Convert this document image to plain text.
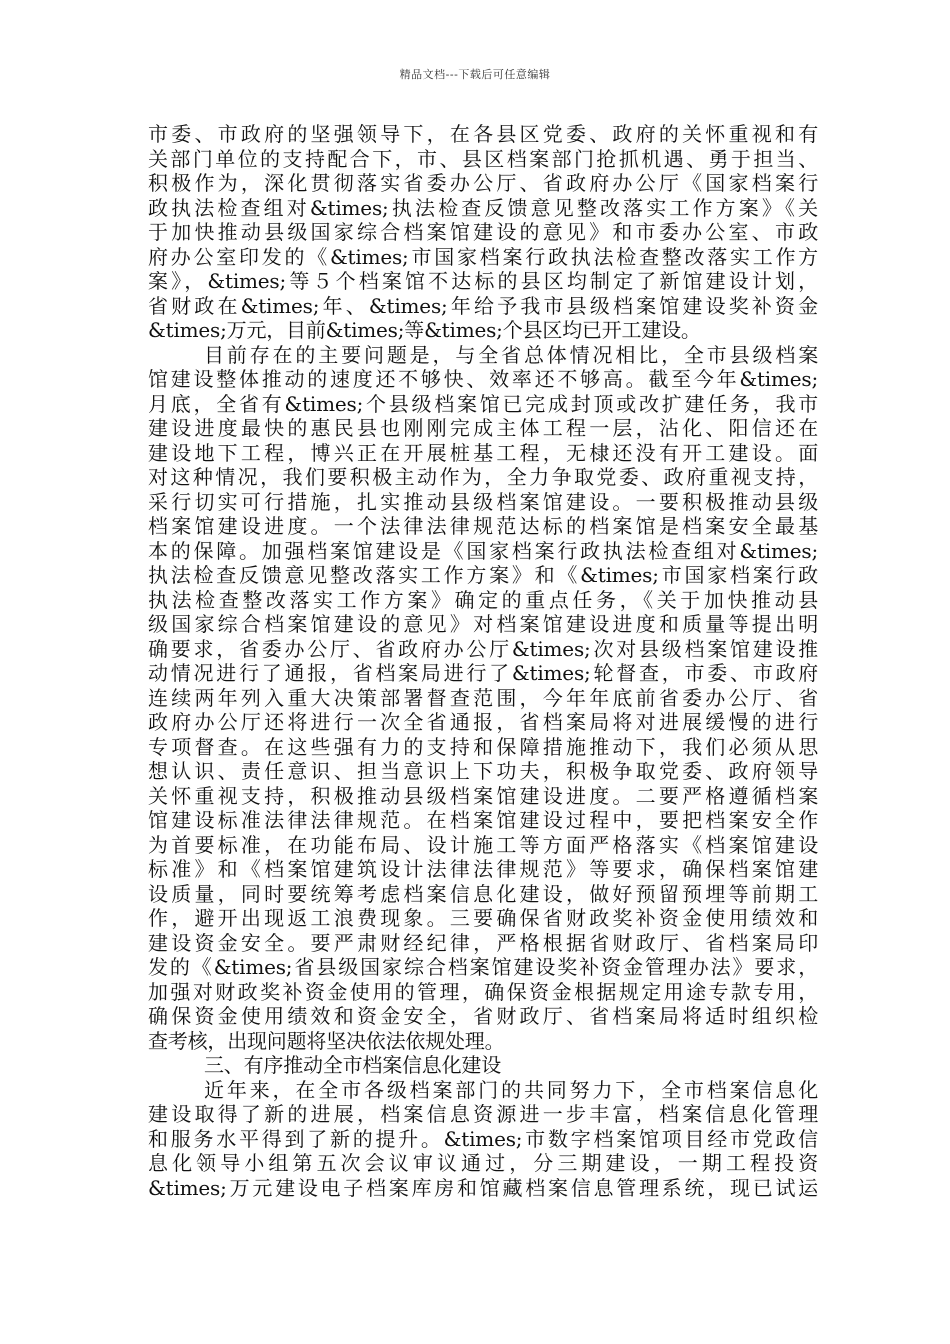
精品文档---下载后可任意编辑
市委、市政府的坚强领导下，在各县区党委、政府的关怀重视和有
关部门单位的支持配合下，市、县区档案部门抢抓机遇、勇于担当、
积极作为，深化贯彻落实省委办公厅、省政府办公厅《国家档案行
政执法检查组对&times;执法检查反馈意见整改落实工作方案》《关
于加快推动县级国家综合档案馆建设的意见》和市委办公室、市政
府办公室印发的《&times;市国家档案行政执法检查整改落实工作方
案》，&times;等５个档案馆不达标的县区均制定了新馆建设计划，
省财政在&times;年、&times;年给予我市县级档案馆建设奖补资金
&times;万元，目前&times;等&times;个县区均已开工建设。
目前存在的主要问题是，与全省总体情况相比，全市县级档案
馆建设整体推动的速度还不够快、效率还不够高。截至今年&times;
月底，全省有&times;个县级档案馆已完成封顶或改扩建任务，我市
建设进度最快的惠民县也刚刚完成主体工程一层，沾化、阳信还在
建设地下工程，博兴正在开展桩基工程，无棣还没有开工建设。面
对这种情况，我们要积极主动作为，全力争取党委、政府重视支持，
采行切实可行措施，扎实推动县级档案馆建设。一要积极推动县级
档案馆建设进度。一个法律法律规范达标的档案馆是档案安全最基
本的保障。加强档案馆建设是《国家档案行政执法检查组对&times;
执法检查反馈意见整改落实工作方案》和《&times;市国家档案行政
执法检查整改落实工作方案》确定的重点任务，《关于加快推动县
级国家综合档案馆建设的意见》对档案馆建设进度和质量等提出明
确要求，省委办公厅、省政府办公厅&times;次对县级档案馆建设推
动情况进行了通报，省档案局进行了&times;轮督查，市委、市政府
连续两年列入重大决策部署督查范围，今年年底前省委办公厅、省
政府办公厅还将进行一次全省通报，省档案局将对进展缓慢的进行
专项督查。在这些强有力的支持和保障措施推动下，我们必须从思
想认识、责任意识、担当意识上下功夫，积极争取党委、政府领导
关怀重视支持，积极推动县级档案馆建设进度。二要严格遵循档案
馆建设标准法律法律规范。在档案馆建设过程中，要把档案安全作
为首要标准，在功能布局、设计施工等方面严格落实《档案馆建设
标准》和《档案馆建筑设计法律法律规范》等要求，确保档案馆建
设质量，同时要统筹考虑档案信息化建设，做好预留预埋等前期工
作，避开出现返工浪费现象。三要确保省财政奖补资金使用绩效和
建设资金安全。要严肃财经纪律，严格根据省财政厅、省档案局印
发的《&times;省县级国家综合档案馆建设奖补资金管理办法》要求，
加强对财政奖补资金使用的管理，确保资金根据规定用途专款专用，
确保资金使用绩效和资金安全，省财政厅、省档案局将适时组织检
查考核，出现问题将坚决依法依规处理。
三、有序推动全市档案信息化建设
近年来，在全市各级档案部门的共同努力下，全市档案信息化
建设取得了新的进展，档案信息资源进一步丰富，档案信息化管理
和服务水平得到了新的提升。&times;市数字档案馆项目经市党政信
息化领导小组第五次会议审议通过，分三期建设，一期工程投资
&times;万元建设电子档案库房和馆藏档案信息管理系统，现已试运
